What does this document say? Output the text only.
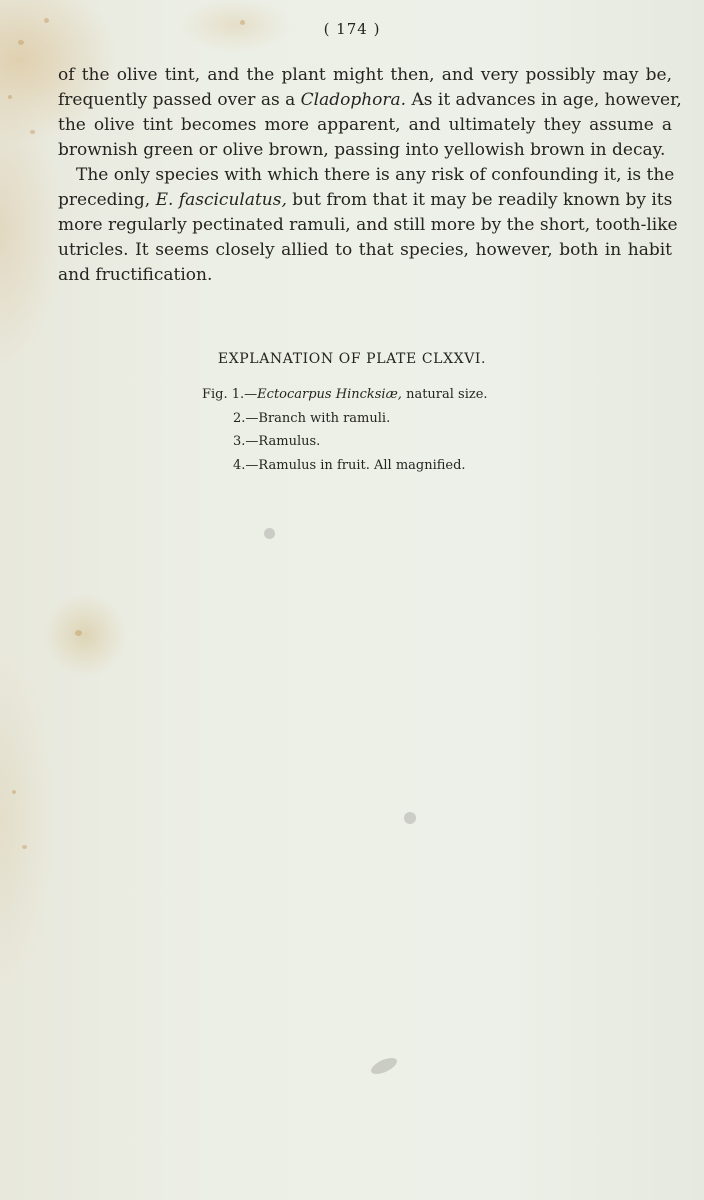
( 174 )

of the olive tint, and the plant might then, and very possibly may be,
frequently passed over as a Cladophora. As it advances in age, however,
the olive tint becomes more apparent, and ultimately they assume a
brownish green or olive brown, passing into yellowish brown in decay.

The only species with which there is any risk of confounding it, is the
preceding, E. fasciculatus, but from that it may be readily known by its
more regularly pectinated ramuli, and still more by the short, tooth-like
utricles. It seems closely allied to that species, however, both in habit
and fructification.

EXPLANATION OF PLATE CLXXVI.
Fig. 1.—Ectocarpus Hincksiæ, natural size.
2.—Branch with ramuli.
3.—Ramulus.
4.—Ramulus in fruit. All magnified.
